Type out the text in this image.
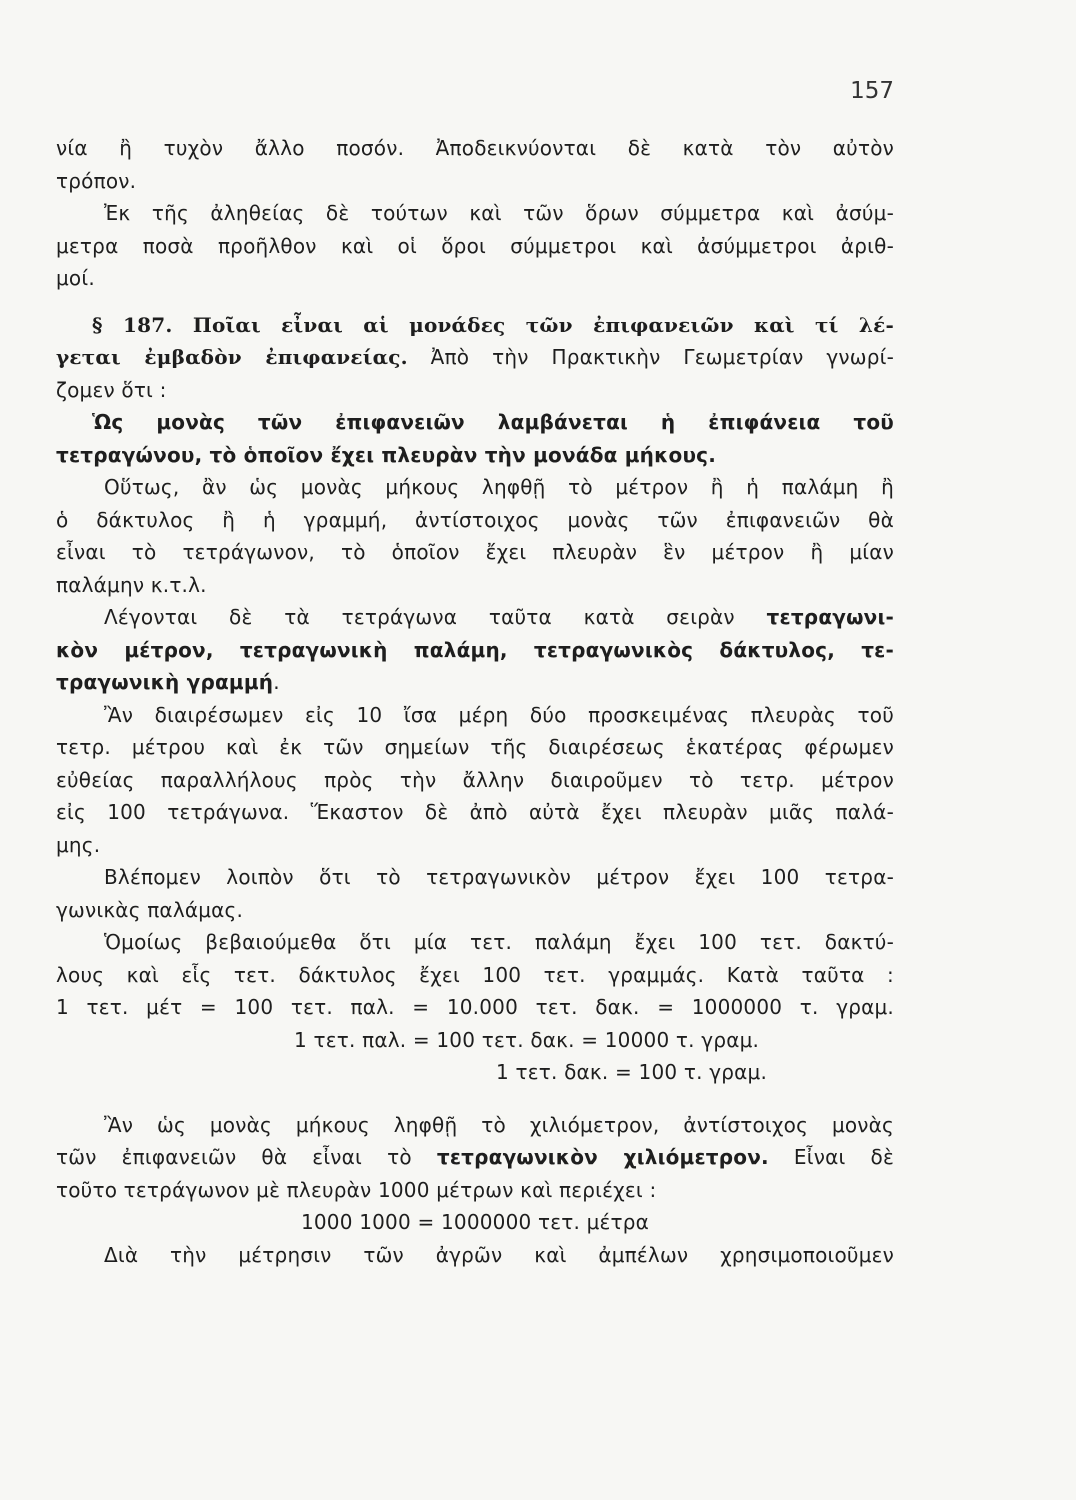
157
νία ἢ τυχὸν ἄλλο ποσόν. Ἀποδεικνύονται δὲ κατὰ τὸν αὐτὸν
τρόπον.
Ἐκ τῆς ἀληθείας δὲ τούτων καὶ τῶν ὅρων σύμμετρα καὶ ἀσύμ-
μετρα ποσὰ προῆλθον καὶ οἱ ὅροι σύμμετροι καὶ ἀσύμμετροι ἀριθ-
μοί.
§ 187. Ποῖαι εἶναι αἱ μονάδες τῶν ἐπιφανειῶν καὶ τί λέ-
γεται ἐμβαδὸν ἐπιφανείας. Ἀπὸ τὴν Πρακτικὴν Γεωμετρίαν γνωρί-
ζομεν ὅτι :
Ὡς μονὰς τῶν ἐπιφανειῶν λαμβάνεται ἡ ἐπιφάνεια τοῦ
τετραγώνου, τὸ ὁποῖον ἔχει πλευρὰν τὴν μονάδα μήκους.
Οὕτως, ἂν ὡς μονὰς μήκους ληφθῇ τὸ μέτρον ἢ ἡ παλάμη ἢ
ὁ δάκτυλος ἢ ἡ γραμμή, ἀντίστοιχος μονὰς τῶν ἐπιφανειῶν θὰ
εἶναι τὸ τετράγωνον, τὸ ὁποῖον ἔχει πλευρὰν ἓν μέτρον ἢ μίαν
παλάμην κ.τ.λ.
Λέγονται δὲ τὰ τετράγωνα ταῦτα κατὰ σειρὰν τετραγωνι-
κὸν μέτρον, τετραγωνικὴ παλάμη, τετραγωνικὸς δάκτυλος, τε-
τραγωνικὴ γραμμή.
Ἂν διαιρέσωμεν εἰς 10 ἴσα μέρη δύο προσκειμένας πλευρὰς τοῦ
τετρ. μέτρου καὶ ἐκ τῶν σημείων τῆς διαιρέσεως ἑκατέρας φέρωμεν
εὐθείας παραλλήλους πρὸς τὴν ἄλλην διαιροῦμεν τὸ τετρ. μέτρον
εἰς 100 τετράγωνα. Ἕκαστον δὲ ἀπὸ αὐτὰ ἔχει πλευρὰν μιᾶς παλά-
μης.
Βλέπομεν λοιπὸν ὅτι τὸ τετραγωνικὸν μέτρον ἔχει 100 τετρα-
γωνικὰς παλάμας.
Ὁμοίως βεβαιούμεθα ὅτι μία τετ. παλάμη ἔχει 100 τετ. δακτύ-
λους καὶ εἷς τετ. δάκτυλος ἔχει 100 τετ. γραμμάς. Κατὰ ταῦτα :
1 τετ. μέτ = 100 τετ. παλ. = 10.000 τετ. δακ. = 1000000 τ. γραμ.
1 τετ. παλ. = 100 τετ. δακ. = 10000 τ. γραμ.
1 τετ. δακ. = 100 τ. γραμ.
Ἂν ὡς μονὰς μήκους ληφθῇ τὸ χιλιόμετρον, ἀντίστοιχος μονὰς
τῶν ἐπιφανειῶν θὰ εἶναι τὸ τετραγωνικὸν χιλιόμετρον. Εἶναι δὲ
τοῦτο τετράγωνον μὲ πλευρὰν 1000 μέτρων καὶ περιέχει :
1000 1000 = 1000000 τετ. μέτρα
Διὰ τὴν μέτρησιν τῶν ἀγρῶν καὶ ἀμπέλων χρησιμοποιοῦμεν
